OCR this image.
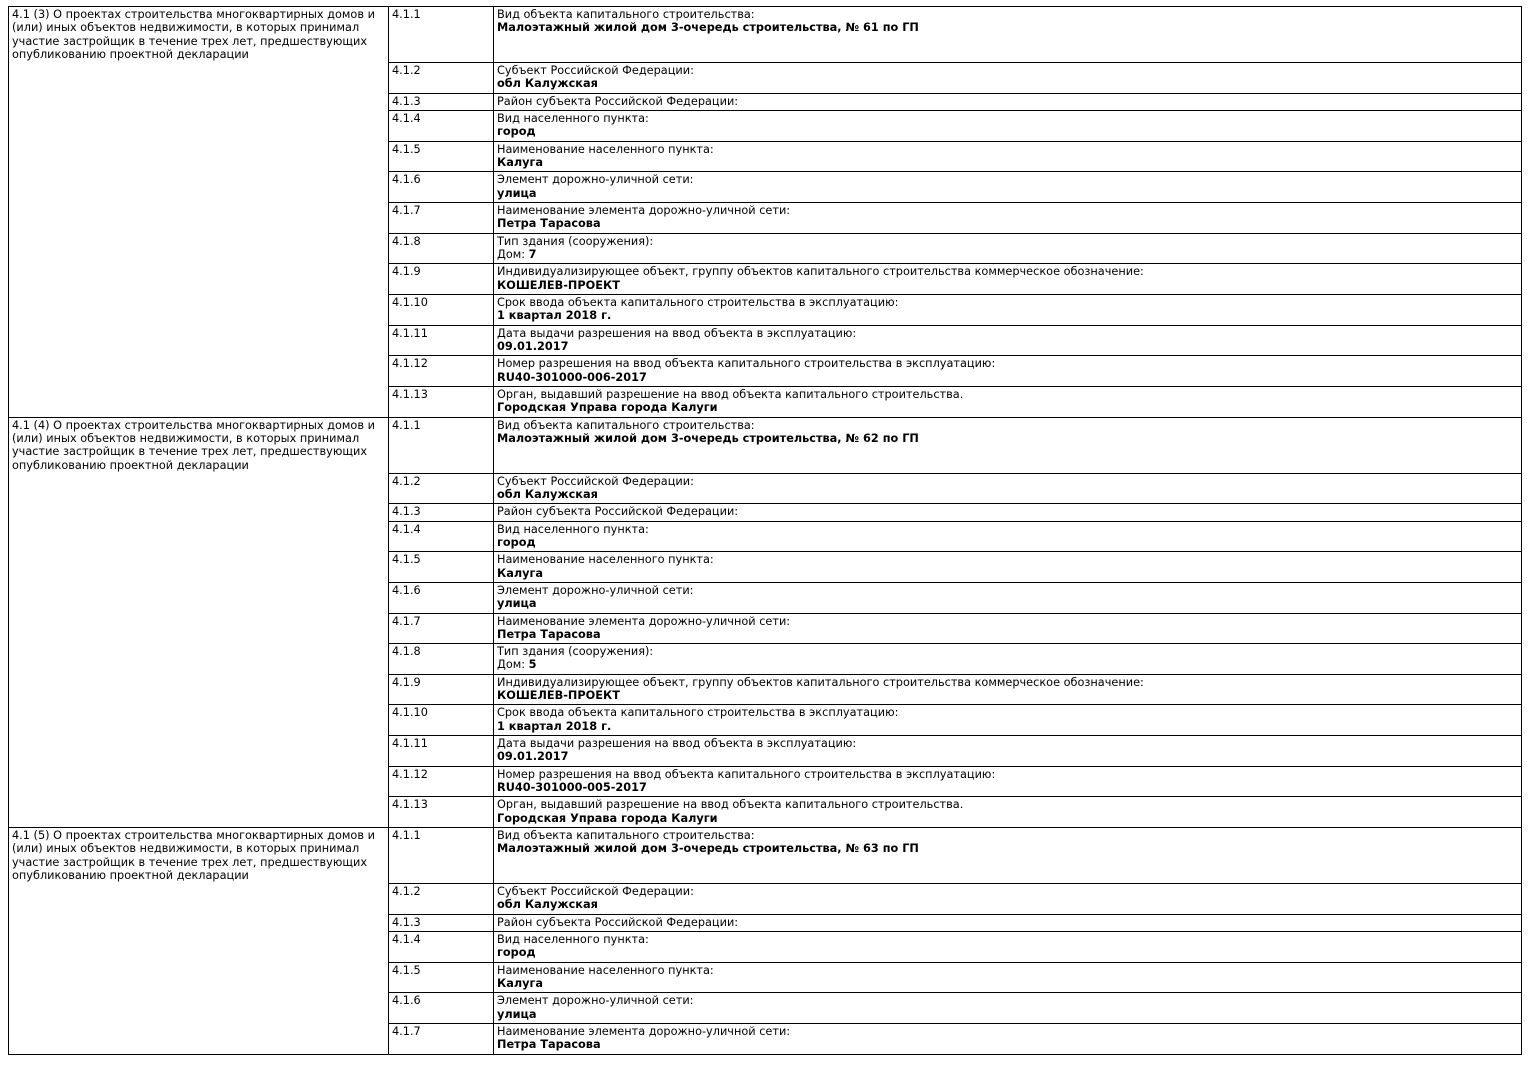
4.1 (3) О проектах строительства многоквартирных домов и (или) иных объектов недвижимости, в которых принимал участие застройщик в течение трех лет, предшествующих опубликованию проектной декларации	4.1.1	Вид объекта капитального строительства:
Малоэтажный жилой дом 3-очередь строительства, № 61 по ГП

	4.1.2	Субъект Российской Федерации:
обл Калужская

	4.1.3	Район субъекта Российской Федерации:

	4.1.4	Вид населенного пункта:
город

	4.1.5	Наименование населенного пункта:
Калуга

	4.1.6	Элемент дорожно-уличной сети:
улица

	4.1.7	Наименование элемента дорожно-уличной сети:
Петра Тарасова

	4.1.8	Тип здания (сооружения):
Дом: 7

	4.1.9	Индивидуализирующее объект, группу объектов капитального строительства коммерческое обозначение:
КОШЕЛЕВ-ПРОЕКТ

	4.1.10	Срок ввода объекта капитального строительства в эксплуатацию:
1 квартал 2018 г.

	4.1.11	Дата выдачи разрешения на ввод объекта в эксплуатацию:
09.01.2017

	4.1.12	Номер разрешения на ввод объекта капитального строительства в эксплуатацию:
RU40-301000-006-2017

	4.1.13	Орган, выдавший разрешение на ввод объекта капитального строительства.
Городская Управа города Калуги

4.1 (4) О проектах строительства многоквартирных домов и (или) иных объектов недвижимости, в которых принимал участие застройщик в течение трех лет, предшествующих опубликованию проектной декларации	4.1.1	Вид объекта капитального строительства:
Малоэтажный жилой дом 3-очередь строительства, № 62 по ГП

	4.1.2	Субъект Российской Федерации:
обл Калужская

	4.1.3	Район субъекта Российской Федерации:

	4.1.4	Вид населенного пункта:
город

	4.1.5	Наименование населенного пункта:
Калуга

	4.1.6	Элемент дорожно-уличной сети:
улица

	4.1.7	Наименование элемента дорожно-уличной сети:
Петра Тарасова

	4.1.8	Тип здания (сооружения):
Дом: 5

	4.1.9	Индивидуализирующее объект, группу объектов капитального строительства коммерческое обозначение:
КОШЕЛЕВ-ПРОЕКТ

	4.1.10	Срок ввода объекта капитального строительства в эксплуатацию:
1 квартал 2018 г.

	4.1.11	Дата выдачи разрешения на ввод объекта в эксплуатацию:
09.01.2017

	4.1.12	Номер разрешения на ввод объекта капитального строительства в эксплуатацию:
RU40-301000-005-2017

	4.1.13	Орган, выдавший разрешение на ввод объекта капитального строительства.
Городская Управа города Калуги

4.1 (5) О проектах строительства многоквартирных домов и (или) иных объектов недвижимости, в которых принимал участие застройщик в течение трех лет, предшествующих опубликованию проектной декларации	4.1.1	Вид объекта капитального строительства:
Малоэтажный жилой дом 3-очередь строительства, № 63 по ГП

	4.1.2	Субъект Российской Федерации:
обл Калужская

	4.1.3	Район субъекта Российской Федерации:

	4.1.4	Вид населенного пункта:
город

	4.1.5	Наименование населенного пункта:
Калуга

	4.1.6	Элемент дорожно-уличной сети:
улица

	4.1.7	Наименование элемента дорожно-уличной сети:
Петра Тарасова
